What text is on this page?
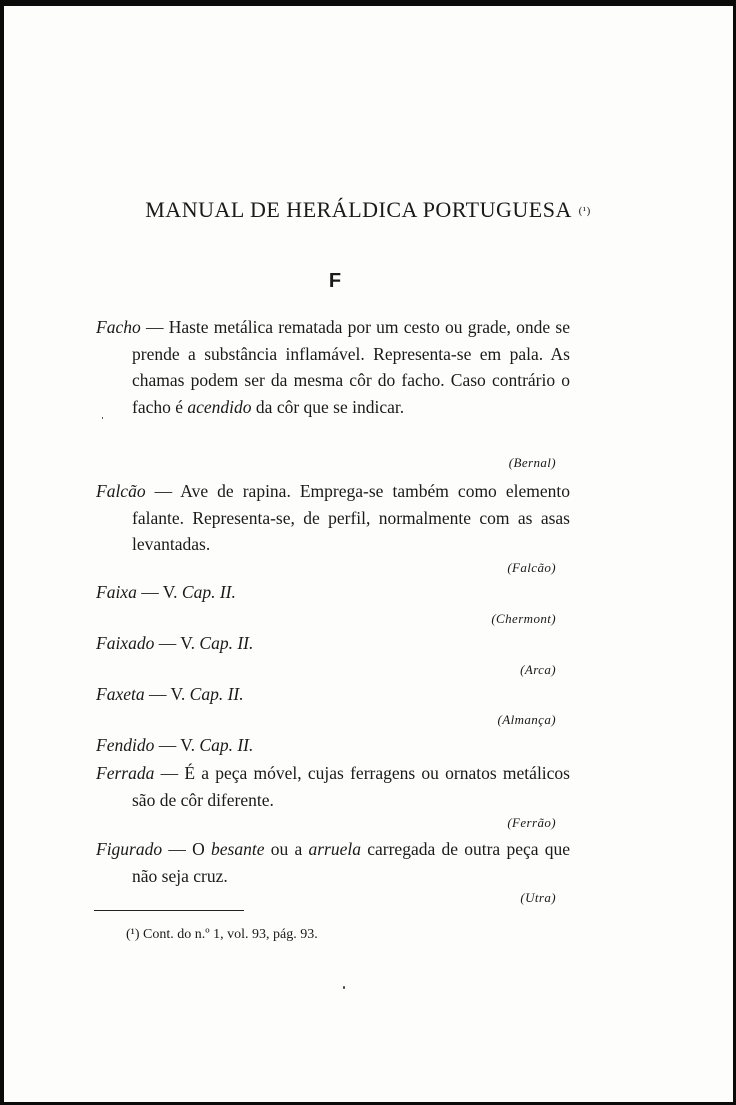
MANUAL DE HERÁLDICA PORTUGUESA (¹)
F

Facho — Haste metálica rematada por um cesto ou grade, onde se prende a substância inflamável. Representa-se em pala. As chamas podem ser da mesma côr do facho. Caso contrário o facho é acendido da côr que se indicar.

(Bernal)

Falcão — Ave de rapina. Emprega-se também como elemento falante. Representa-se, de perfil, normalmente com as asas levantadas.

(Falcão)

Faixa — V. Cap. II.

(Chermont)

Faixado — V. Cap. II.

(Arca)

Faxeta — V. Cap. II.

(Almança)

Fendido — V. Cap. II.

Ferrada — É a peça móvel, cujas ferragens ou ornatos metálicos são de côr diferente.

(Ferrão)

Figurado — O besante ou a arruela carregada de outra peça que não seja cruz.

(Utra)
(¹) Cont. do n.º 1, vol. 93, pág. 93.
